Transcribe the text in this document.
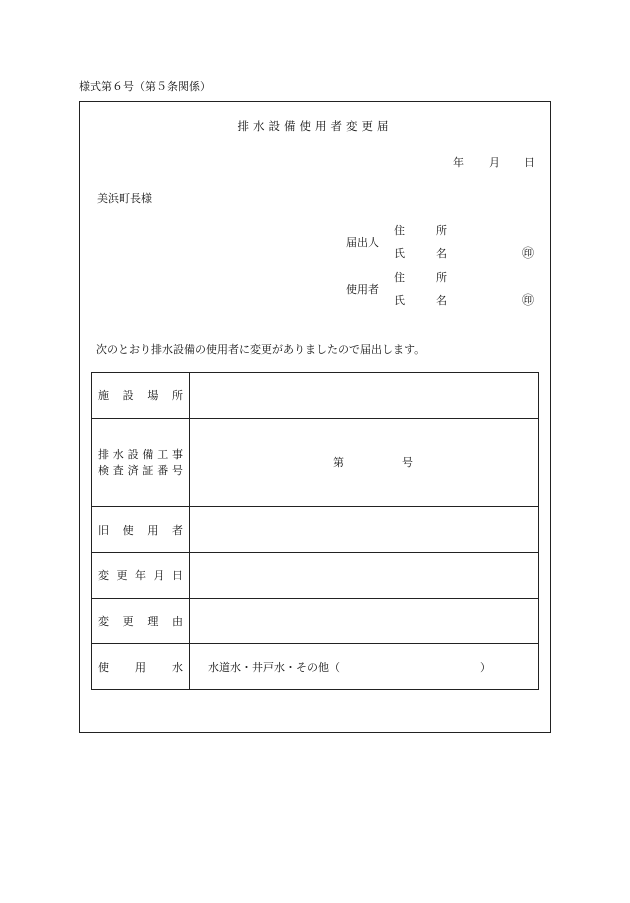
様式第６号（第５条関係）
排水設備使用者変更届
年 月 日
美浜町長様
届出人
住　所
氏　名	㊞
使用者
住　所
氏　名	㊞
次のとおり排水設備の使用者に変更がありましたので届出します。
施設場所	

排水設備工事
検査済証番号	第 号

旧使用者	

変更年月日	

変更理由	

使　用　水	水道水・井戸水・その他（ ）
